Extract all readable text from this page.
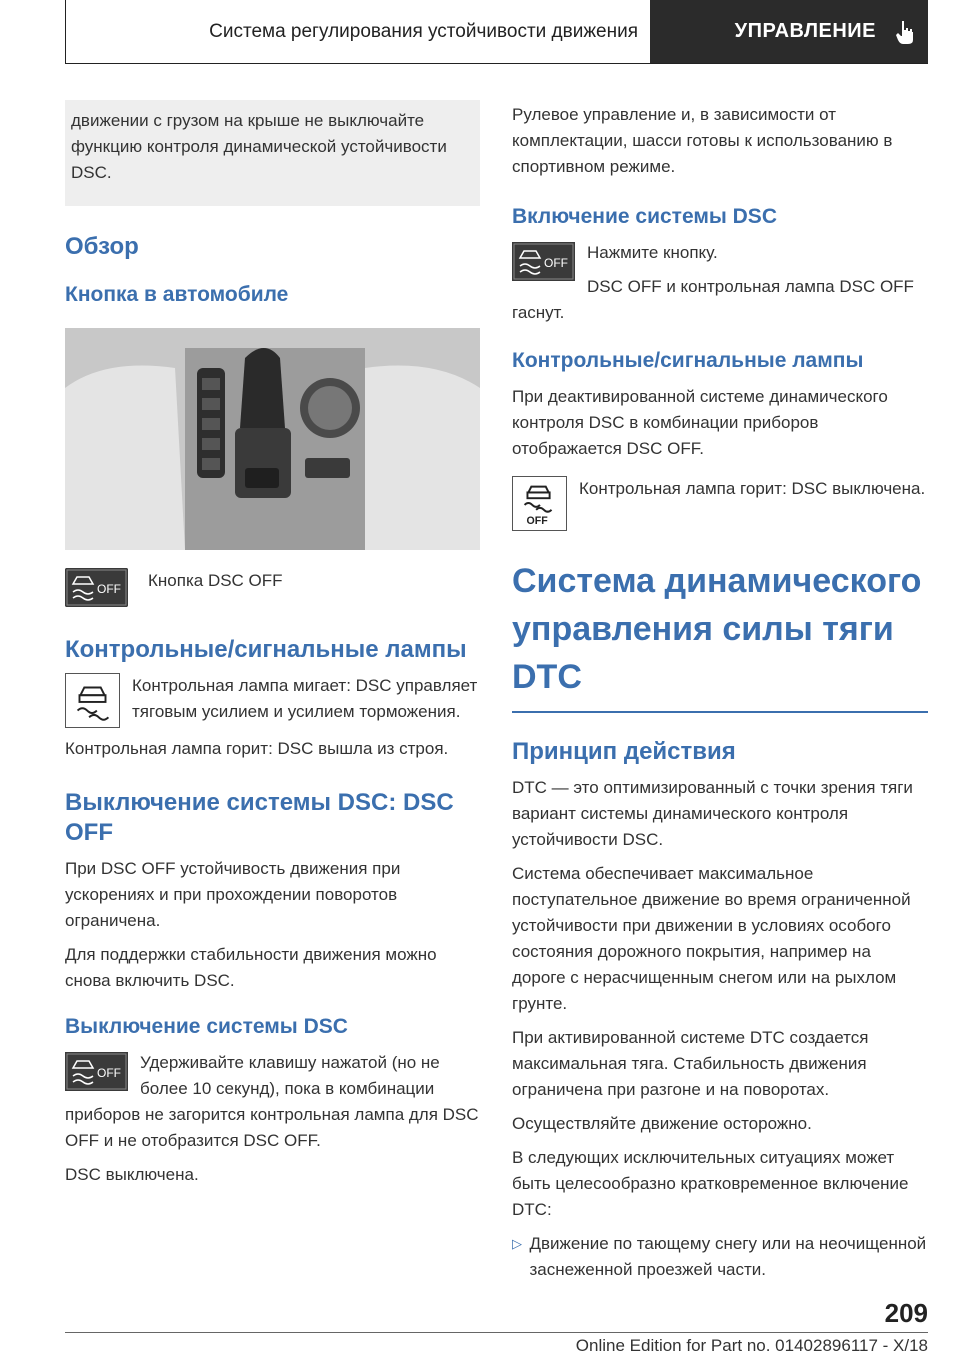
Система регулирования устойчивости движения	УПРАВЛЕНИЕ
движении с грузом на крыше не выключайте функцию контроля динамической устойчивости DSC.
Обзор
Кнопка в автомобиле
OFF Кнопка DSC OFF

Контрольные/сигнальные лампы

Контрольная лампа мигает: DSC управляет тяговым усилием и усилием торможения.

Контрольная лампа горит: DSC вышла из строя.

Выключение системы DSC: DSC OFF

При DSC OFF устойчивость движения при ускорениях и при прохождении поворотов ограничена.

Для поддержки стабильности движения можно снова включить DSC.

Выключение системы DSC
OFF

Удерживайте клавишу нажатой (но не более 10 секунд), пока в комбинации приборов не загорится контрольная лампа для DSC OFF и не отобразится DSC OFF.

DSC выключена.

Рулевое управление и, в зависимости от комплектации, шасси готовы к использованию в спортивном режиме.

Включение системы DSC
OFF

Нажмите кнопку.

DSC OFF и контрольная лампа DSC OFF гаснут.

Контрольные/сигнальные лампы

При деактивированной системе динамического контроля DSC в комбинации приборов отображается DSC OFF.

OFF

Контрольная лампа горит: DSC выключена.

Система динамического управления силы тяги DTC
Принцип действия

DTC — это оптимизированный с точки зрения тяги вариант системы динамического контроля устойчивости DSC.

Система обеспечивает максимальное поступательное движение во время ограниченной устойчивости при движении в условиях особого состояния дорожного покрытия, например на дороге с нерасчищенным снегом или на рыхлом грунте.

При активированной системе DTC создается максимальная тяга. Стабильность движения ограничена при разгоне и на поворотах.

Осуществляйте движение осторожно.

В следующих исключительных ситуациях может быть целесообразно кратковременное включение DTC:

▷ Движение по тающему снегу или на неочищенной заснеженной проезжей части.

209
Online Edition for Part no. 01402896117 - X/18
